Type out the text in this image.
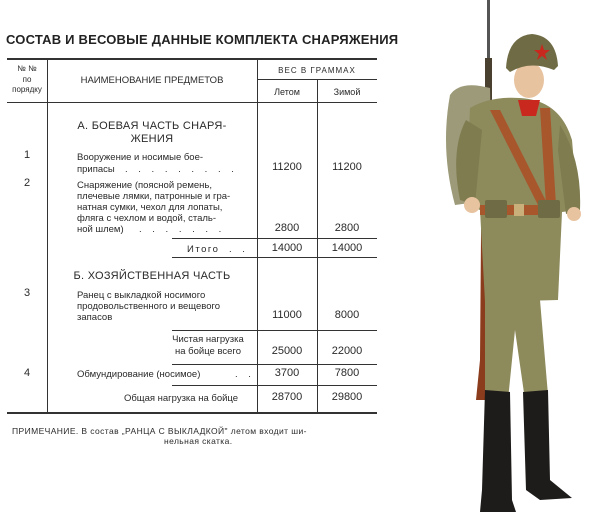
СОСТАВ И ВЕСОВЫЕ ДАННЫЕ КОМПЛЕКТА СНАРЯЖЕНИЯ
№ №
по
порядку
НАИМЕНОВАНИЕ ПРЕДМЕТОВ
ВЕС В ГРАММАХ
Летом	Зимой
А. БОЕВАЯ ЧАСТЬ СНАРЯ-
ЖЕНИЯ
1	Вооружение и носимые бое-
припасы . . . . . . . . .	11200	11200
2	Снаряжение (поясной ремень,
плечевые лямки, патронные и гра-
натная сумки, чехол для лопаты,
фляга с чехлом и водой, сталь-
ной шлем) . . . . . . .	2800	2800
Итого . .	14000	14000
Б. ХОЗЯЙСТВЕННАЯ ЧАСТЬ
3	Ранец с выкладкой носимого
продовольственного и вещевого
запасов	11000	8000
Чистая нагрузка
на бойце всего	25000	22000
4	Обмундирование (носимое)	. .	3700	7800
Общая нагрузка на бойце	28700	29800
ПРИМЕЧАНИЕ. В состав „РАНЦА С ВЫКЛАДКОЙ" летом входит ши-
нельная скатка.
